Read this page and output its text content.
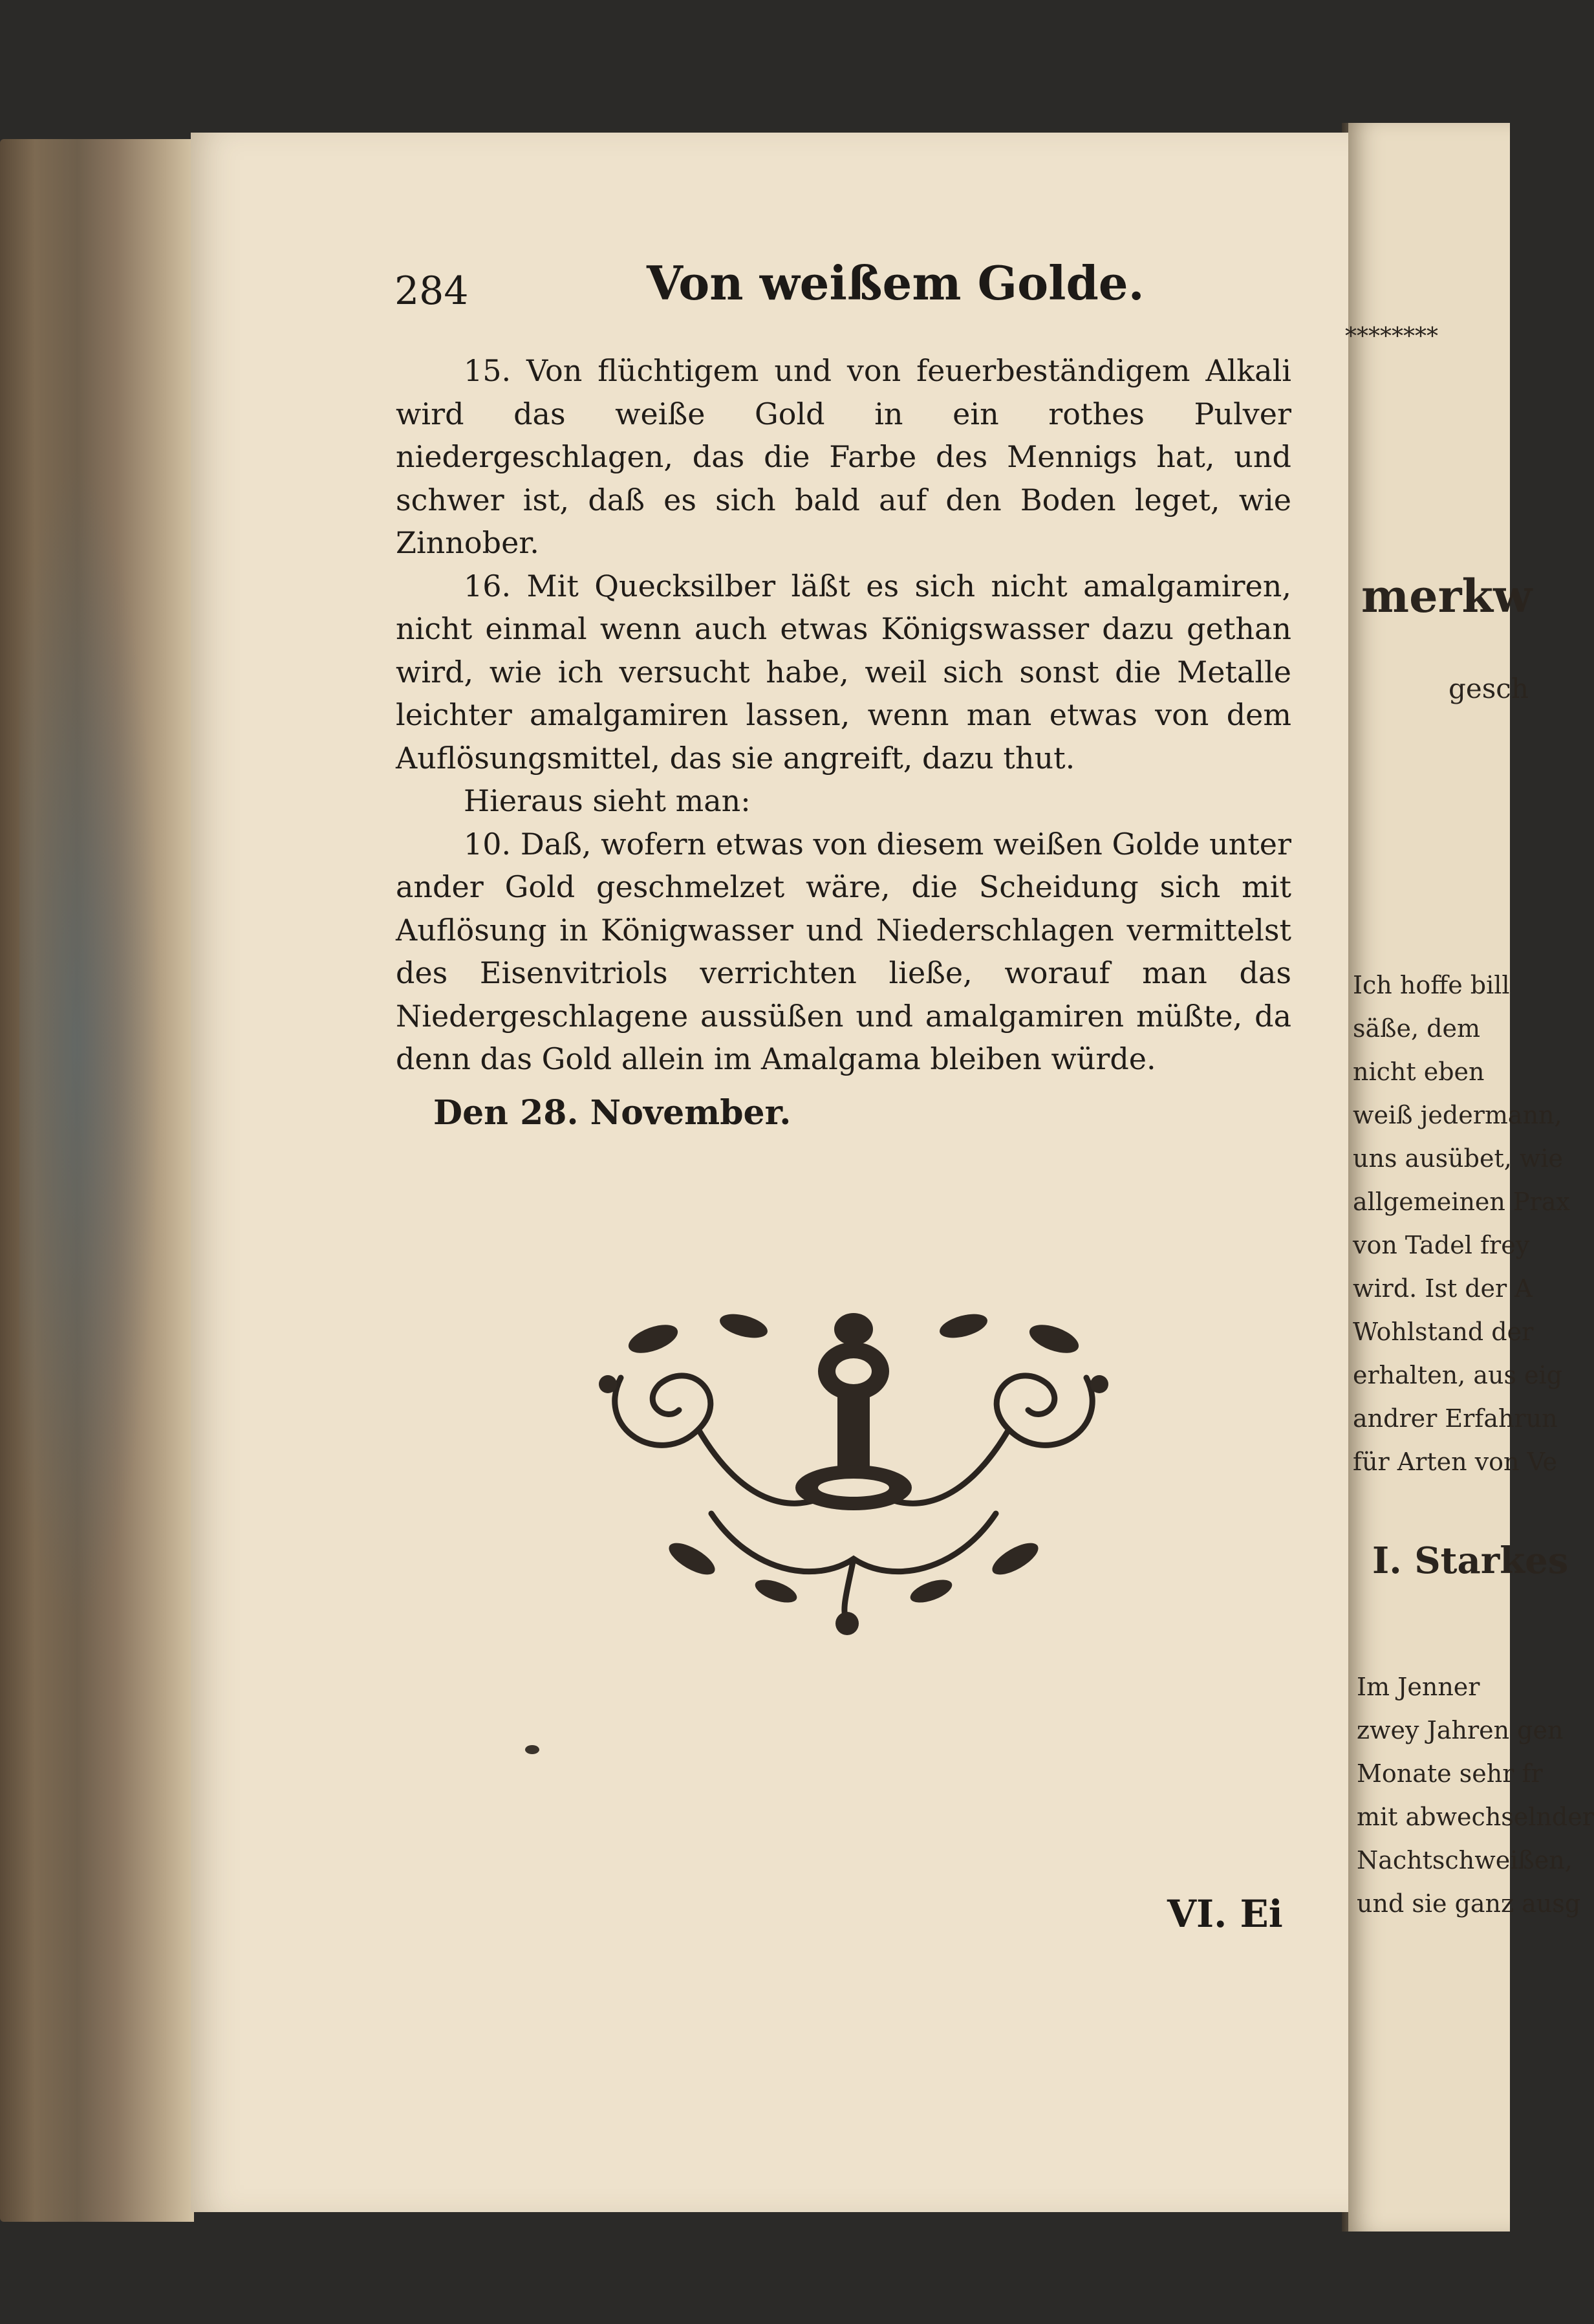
284	Von weißem Golde.

15. Von flüchtigem und von feuerbeständigem Alkali wird das weiße Gold in ein rothes Pulver niedergeschlagen, das die Farbe des Mennigs hat, und schwer ist, daß es sich bald auf den Boden leget, wie Zinnober.

16. Mit Quecksilber läßt es sich nicht amalgamiren, nicht einmal wenn auch etwas Königswasser dazu gethan wird, wie ich versucht habe, weil sich sonst die Metalle leichter amalgamiren lassen, wenn man etwas von dem Auflösungsmittel, das sie angreift, dazu thut.

Hieraus sieht man:

10. Daß, wofern etwas von diesem weißen Golde unter ander Gold geschmelzet wäre, die Scheidung sich mit Auflösung in Königwasser und Niederschlagen vermittelst des Eisenvitriols verrichten ließe, worauf man das Niedergeschlagene aussüßen und amalgamiren müßte, da denn das Gold allein im Amalgama bleiben würde.

Den 28. November.
VI. Ei
********
merkw
gesch
Ich hoffe bill
säße, dem
nicht eben
weiß jedermann,
uns ausübet, wie
allgemeinen Prax
von Tadel frey
wird. Ist der A
Wohlstand der
erhalten, aus eig
andrer Erfahrun
für Arten von Ve
I. Starkes
Im Jenner
zwey Jahren gen
Monate sehr fr
mit abwechselnder
Nachtschweißen,
und sie ganz ausg
